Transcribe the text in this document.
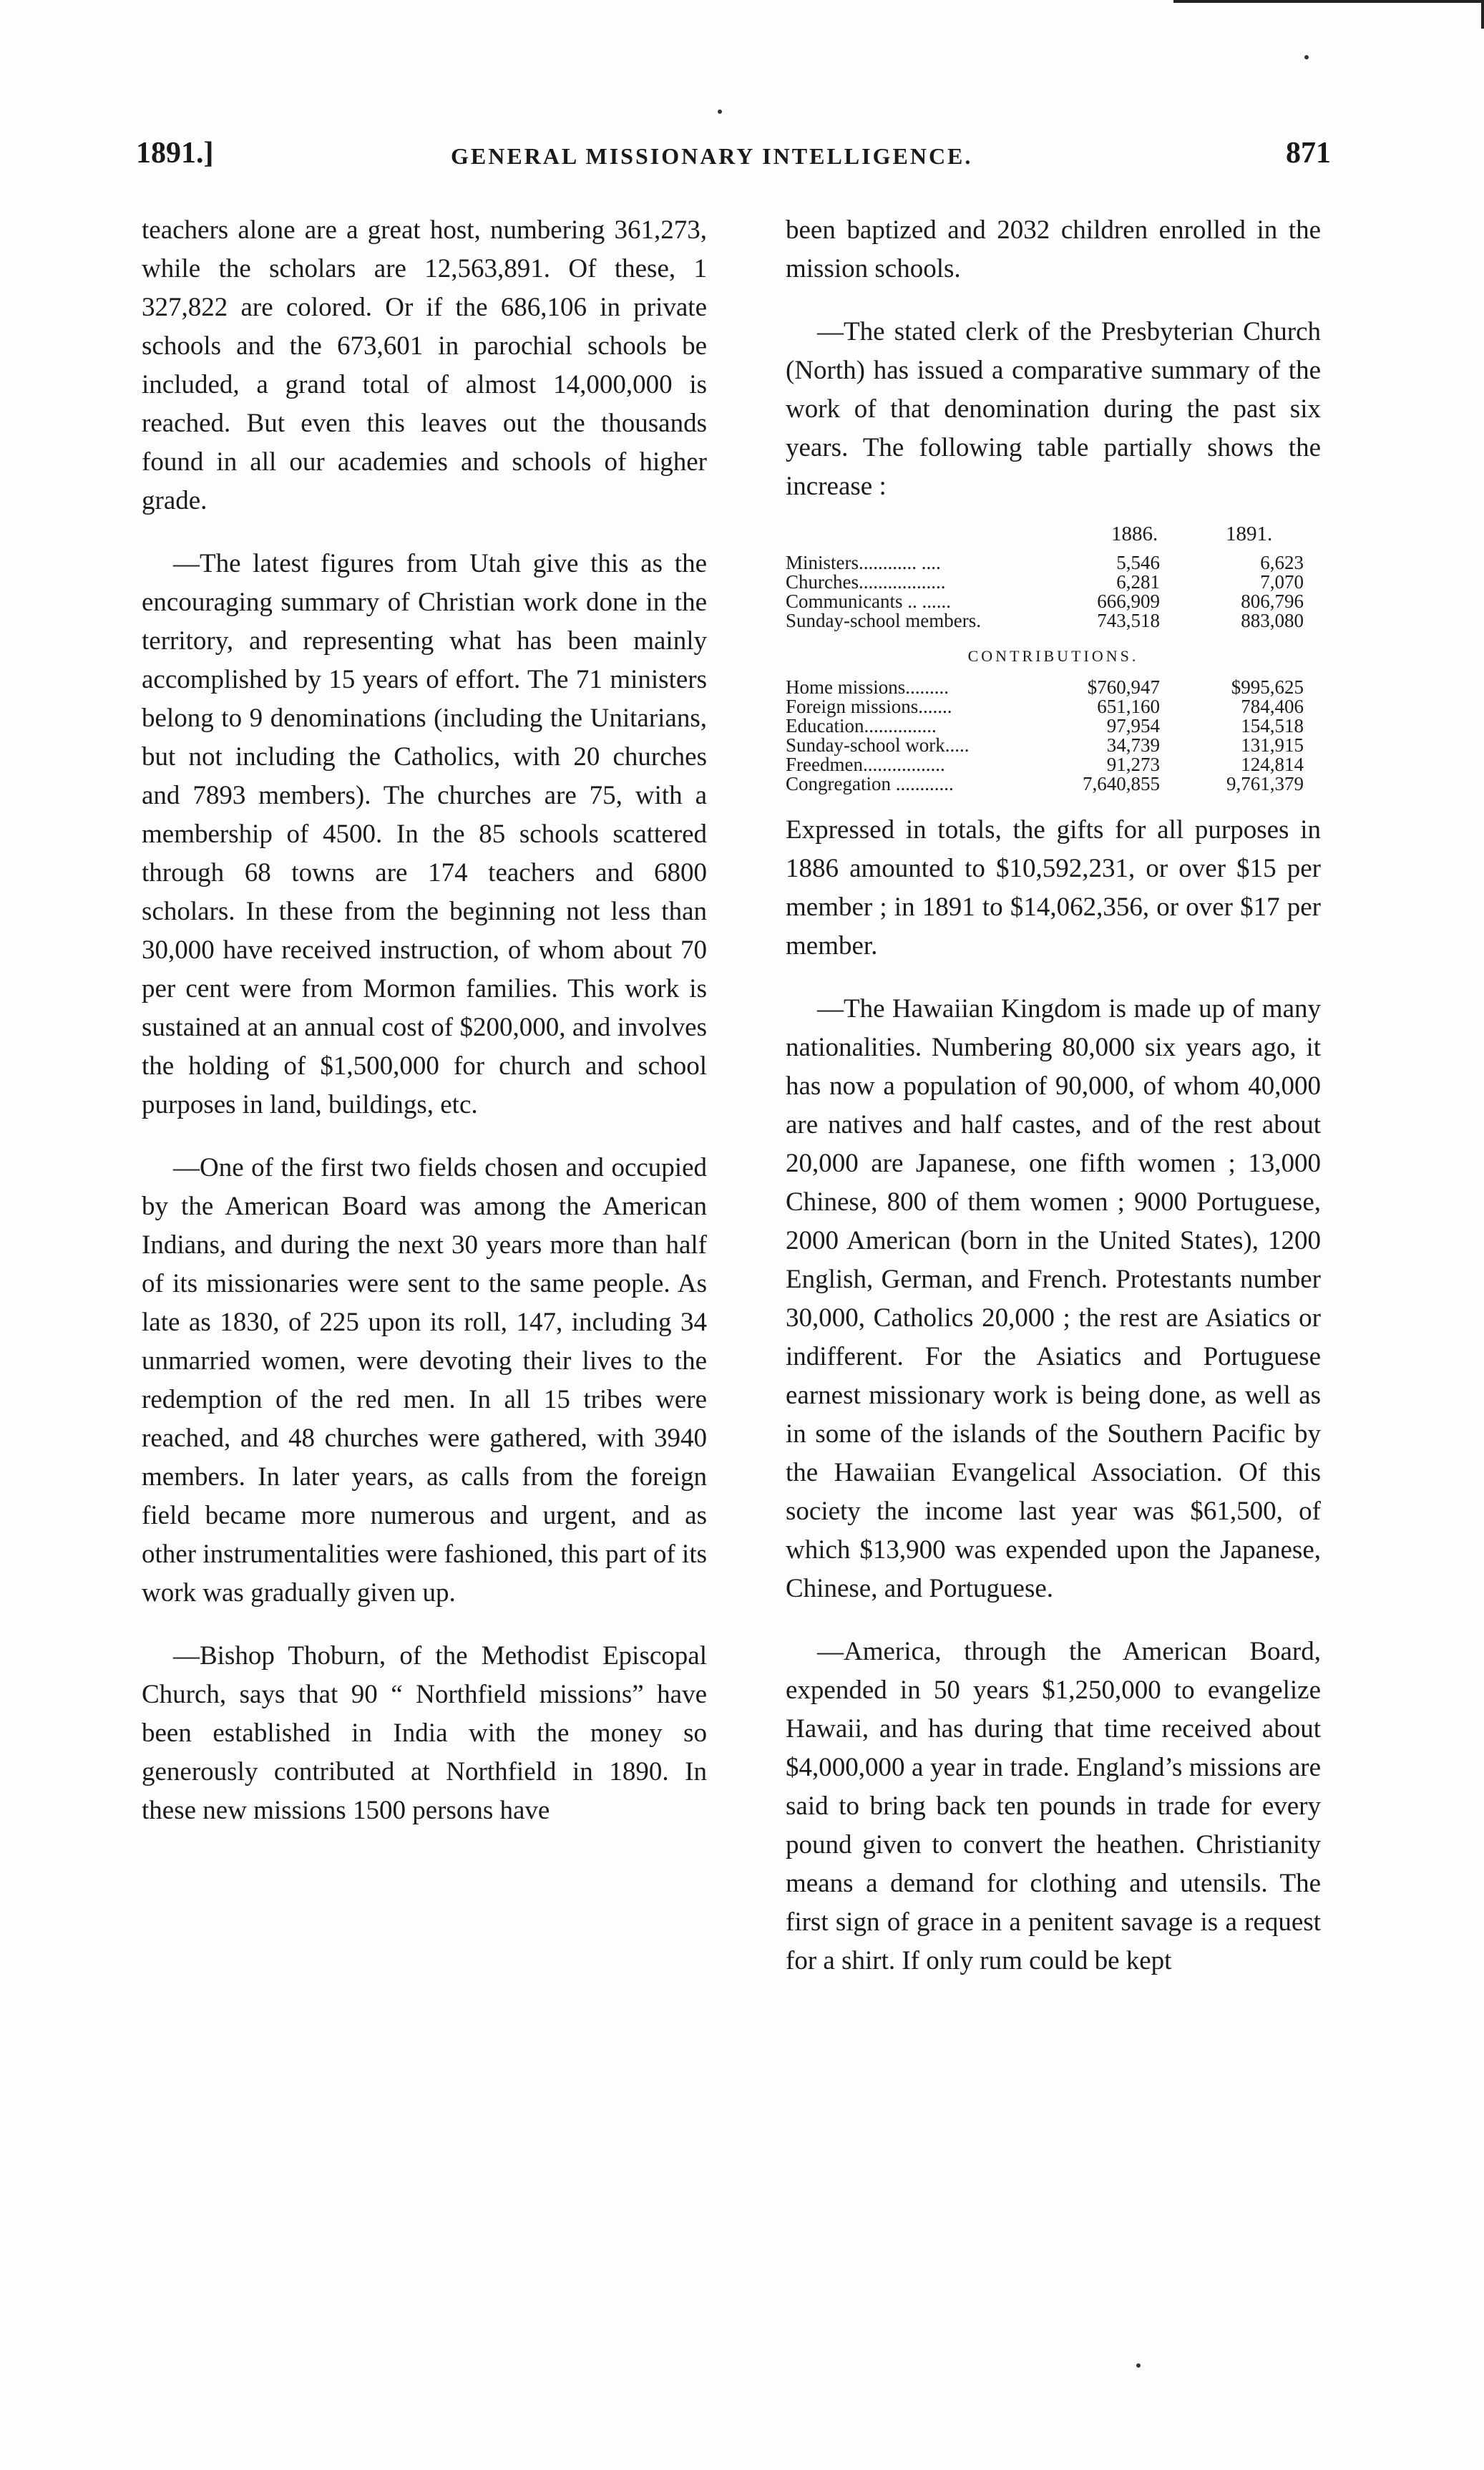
1891.]	GENERAL MISSIONARY INTELLIGENCE.	871

teachers alone are a great host, numbering 361,273, while the scholars are 12,563,891. Of these, 1 327,822 are colored. Or if the 686,106 in private schools and the 673,601 in parochial schools be included, a grand total of almost 14,000,000 is reached. But even this leaves out the thousands found in all our academies and schools of higher grade.

—The latest figures from Utah give this as the encouraging summary of Christian work done in the territory, and representing what has been mainly accomplished by 15 years of effort. The 71 ministers belong to 9 denominations (including the Unitarians, but not including the Catholics, with 20 churches and 7893 members). The churches are 75, with a membership of 4500. In the 85 schools scattered through 68 towns are 174 teachers and 6800 scholars. In these from the beginning not less than 30,000 have received instruction, of whom about 70 per cent were from Mormon families. This work is sustained at an annual cost of $200,000, and involves the holding of $1,500,000 for church and school purposes in land, buildings, etc.

—One of the first two fields chosen and occupied by the American Board was among the American Indians, and during the next 30 years more than half of its missionaries were sent to the same people. As late as 1830, of 225 upon its roll, 147, including 34 unmarried women, were devoting their lives to the redemption of the red men. In all 15 tribes were reached, and 48 churches were gathered, with 3940 members. In later years, as calls from the foreign field became more numerous and urgent, and as other instrumentalities were fashioned, this part of its work was gradually given up.

—Bishop Thoburn, of the Methodist Episcopal Church, says that 90 “ Northfield missions” have been established in India with the money so generously contributed at Northfield in 1890. In these new missions 1500 persons have

been baptized and 2032 children enrolled in the mission schools.

—The stated clerk of the Presbyterian Church (North) has issued a comparative summary of the work of that denomination during the past six years. The following table partially shows the increase :

1886.	1891.
Ministers............ ....	5,546	6,623
Churches..................	6,281	7,070
Communicants .. ......	666,909	806,796
Sunday-school members.	743,518	883,080
CONTRIBUTIONS.
Home missions.........	$760,947	$995,625
Foreign missions.......	651,160	784,406
Education...............	97,954	154,518
Sunday-school work.....	34,739	131,915
Freedmen.................	91,273	124,814
Congregation ............	7,640,855	9,761,379

Expressed in totals, the gifts for all purposes in 1886 amounted to $10,592,231, or over $15 per member ; in 1891 to $14,062,356, or over $17 per member.

—The Hawaiian Kingdom is made up of many nationalities. Numbering 80,000 six years ago, it has now a population of 90,000, of whom 40,000 are natives and half castes, and of the rest about 20,000 are Japanese, one fifth women ; 13,000 Chinese, 800 of them women ; 9000 Portuguese, 2000 American (born in the United States), 1200 English, German, and French. Protestants number 30,000, Catholics 20,000 ; the rest are Asiatics or indifferent. For the Asiatics and Portuguese earnest missionary work is being done, as well as in some of the islands of the Southern Pacific by the Hawaiian Evangelical Association. Of this society the income last year was $61,500, of which $13,900 was expended upon the Japanese, Chinese, and Portuguese.

—America, through the American Board, expended in 50 years $1,250,000 to evangelize Hawaii, and has during that time received about $4,000,000 a year in trade. England’s missions are said to bring back ten pounds in trade for every pound given to convert the heathen. Christianity means a demand for clothing and utensils. The first sign of grace in a penitent savage is a request for a shirt. If only rum could be kept
